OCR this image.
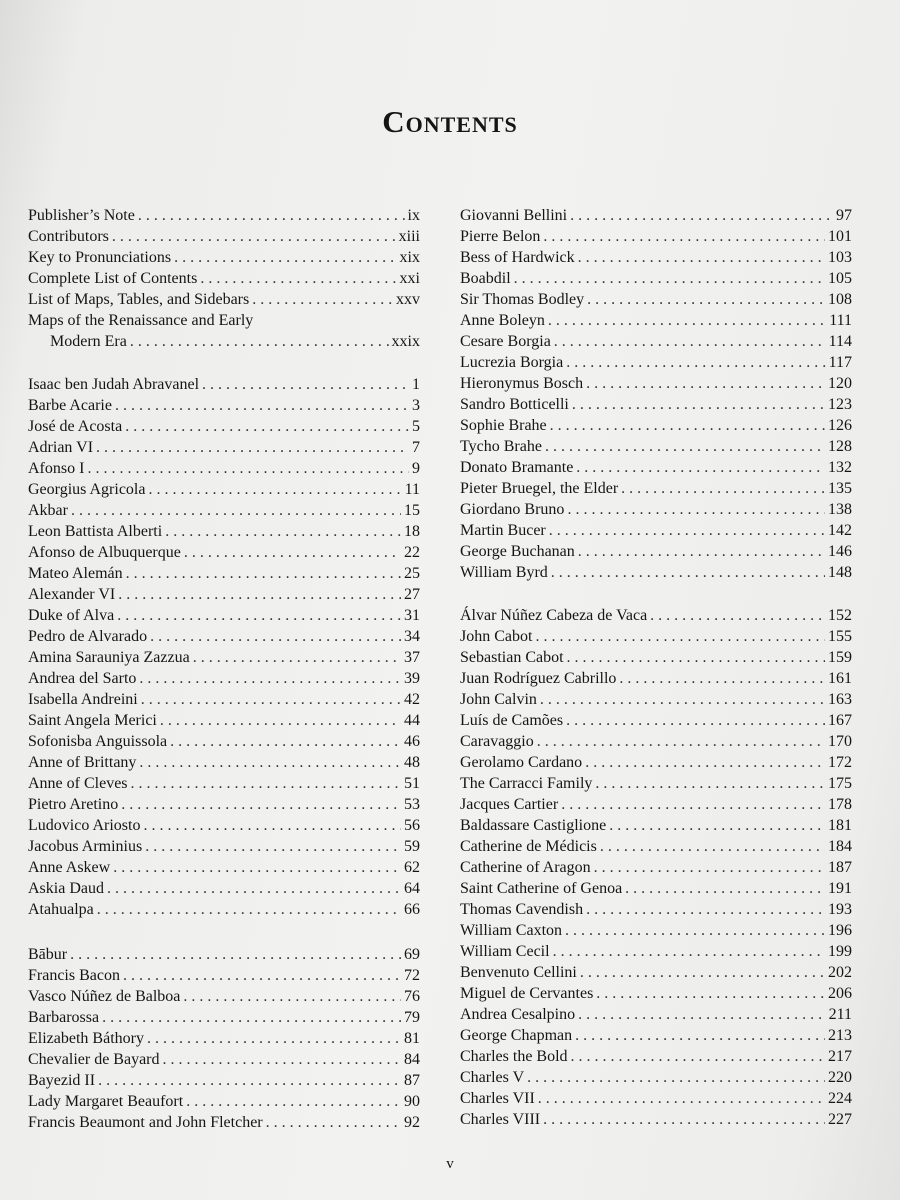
Contents
Publisher’s Note . . .	ix
Contributors . . .	xiii
Key to Pronunciations . . .	xix
Complete List of Contents . . .	xxi
List of Maps, Tables, and Sidebars . . .	xxv
Maps of the Renaissance and Early
Modern Era . . .	xxix
Isaac ben Judah Abravanel . . .	1
Barbe Acarie . . .	3
José de Acosta . . .	5
Adrian VI . . .	7
Afonso I . . .	9
Georgius Agricola . . .	11
Akbar . . .	15
Leon Battista Alberti . . .	18
Afonso de Albuquerque . . .	22
Mateo Alemán . . .	25
Alexander VI . . .	27
Duke of Alva . . .	31
Pedro de Alvarado . . .	34
Amina Sarauniya Zazzua . . .	37
Andrea del Sarto . . .	39
Isabella Andreini . . .	42
Saint Angela Merici . . .	44
Sofonisba Anguissola . . .	46
Anne of Brittany . . .	48
Anne of Cleves . . .	51
Pietro Aretino . . .	53
Ludovico Ariosto . . .	56
Jacobus Arminius . . .	59
Anne Askew . . .	62
Askia Daud . . .	64
Atahualpa . . .	66
Bābur . . .	69
Francis Bacon . . .	72
Vasco Núñez de Balboa . . .	76
Barbarossa . . .	79
Elizabeth Báthory . . .	81
Chevalier de Bayard . . .	84
Bayezid II . . .	87
Lady Margaret Beaufort . . .	90
Francis Beaumont and John Fletcher . . .	92
Giovanni Bellini . . .	97
Pierre Belon . . .	101
Bess of Hardwick . . .	103
Boabdil . . .	105
Sir Thomas Bodley . . .	108
Anne Boleyn . . .	111
Cesare Borgia . . .	114
Lucrezia Borgia . . .	117
Hieronymus Bosch . . .	120
Sandro Botticelli . . .	123
Sophie Brahe . . .	126
Tycho Brahe . . .	128
Donato Bramante . . .	132
Pieter Bruegel, the Elder . . .	135
Giordano Bruno . . .	138
Martin Bucer . . .	142
George Buchanan . . .	146
William Byrd . . .	148
Álvar Núñez Cabeza de Vaca . . .	152
John Cabot . . .	155
Sebastian Cabot . . .	159
Juan Rodríguez Cabrillo . . .	161
John Calvin . . .	163
Luís de Camões . . .	167
Caravaggio . . .	170
Gerolamo Cardano . . .	172
The Carracci Family . . .	175
Jacques Cartier . . .	178
Baldassare Castiglione . . .	181
Catherine de Médicis . . .	184
Catherine of Aragon . . .	187
Saint Catherine of Genoa . . .	191
Thomas Cavendish . . .	193
William Caxton . . .	196
William Cecil . . .	199
Benvenuto Cellini . . .	202
Miguel de Cervantes . . .	206
Andrea Cesalpino . . .	211
George Chapman . . .	213
Charles the Bold . . .	217
Charles V . . .	220
Charles VII . . .	224
Charles VIII . . .	227
v
